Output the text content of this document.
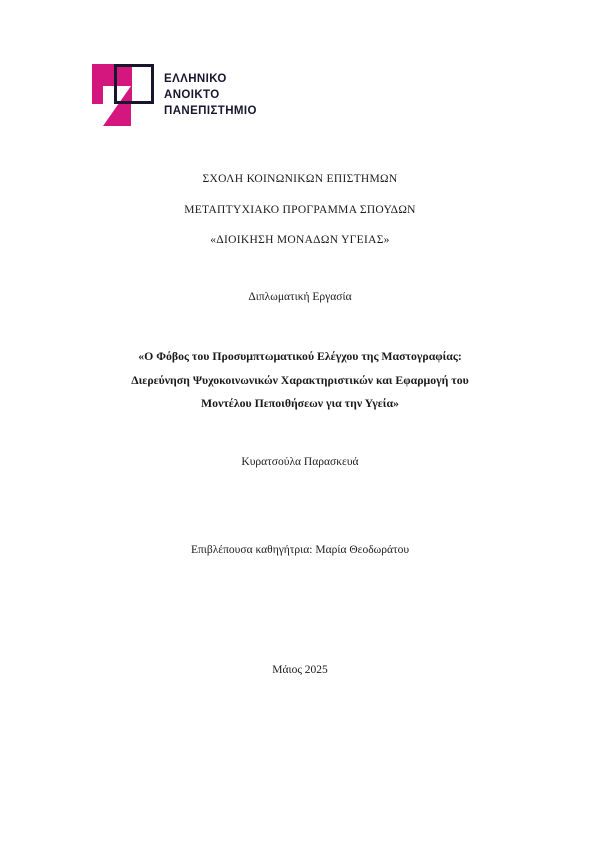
ΕΛΛΗΝΙΚΟ
ΑΝΟΙΚΤΟ
ΠΑΝΕΠΙΣΤΗΜΙΟ
ΣΧΟΛΗ ΚΟΙΝΩΝΙΚΩΝ ΕΠΙΣΤΗΜΩΝ
ΜΕΤΑΠΤΥΧΙΑΚΟ ΠΡΟΓΡΑΜΜΑ ΣΠΟΥΔΩΝ
«ΔΙΟΙΚΗΣΗ ΜΟΝΑΔΩΝ ΥΓΕΙΑΣ»
Διπλωματική Εργασία
«Ο Φόβος του Προσυμπτωματικού Ελέγχου της Μαστογραφίας:
Διερεύνηση Ψυχοκοινωνικών Χαρακτηριστικών και Εφαρμογή του
Μοντέλου Πεποιθήσεων για την Υγεία»
Κυρατσούλα Παρασκευά
Επιβλέπουσα καθηγήτρια: Μαρία Θεοδωράτου
Μάιος 2025
